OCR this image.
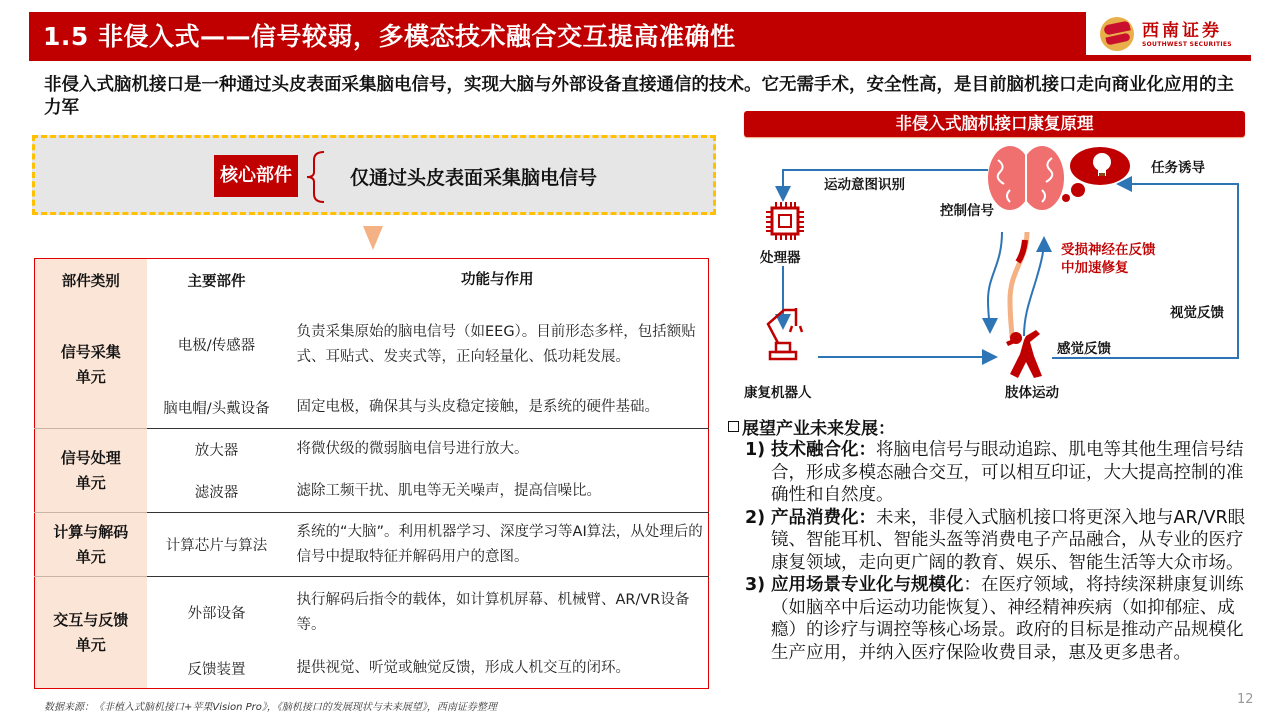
1.5 非侵入式——信号较弱，多模态技术融合交互提高准确性	西南证券
SOUTHWEST SECURITIES
非侵入式脑机接口是一种通过头皮表面采集脑电信号，实现大脑与外部设备直接通信的技术。它无需手术，安全性高，是目前脑机接口走向商业化应用的主力军
核心部件	仅通过头皮表面采集脑电信号
部件类别	主要部件	功能与作用

信号采集
单元	电极/传感器	负责采集原始的脑电信号（如EEG）。目前形态多样，包括额贴式、耳贴式、发夹式等，正向轻量化、低功耗发展。
	脑电帽/头戴设备	固定电极，确保其与头皮稳定接触，是系统的硬件基础。

信号处理
单元	放大器	将微伏级的微弱脑电信号进行放大。
	滤波器	滤除工频干扰、肌电等无关噪声，提高信噪比。

计算与解码
单元	计算芯片与算法	系统的“大脑”。利用机器学习、深度学习等AI算法，从处理后的信号中提取特征并解码用户的意图。

交互与反馈
单元	外部设备	执行解码后指令的载体，如计算机屏幕、机械臂、AR/VR设备等。
	反馈装置	提供视觉、听觉或触觉反馈，形成人机交互的闭环。
数据来源：《非植入式脑机接口+苹果Vision Pro》，《脑机接口的发展现状与未来展望》，西南证券整理
12
非侵入式脑机接口康复原理
运动意图识别
控制信号
处理器
任务诱导
受损神经在反馈
中加速修复
视觉反馈
感觉反馈
康复机器人	肢体运动
展望产业未来发展：
1) 技术融合化：将脑电信号与眼动追踪、肌电等其他生理信号结合，形成多模态融合交互，可以相互印证，大大提高控制的准确性和自然度。
2) 产品消费化：未来，非侵入式脑机接口将更深入地与AR/VR眼镜、智能耳机、智能头盔等消费电子产品融合，从专业的医疗康复领域，走向更广阔的教育、娱乐、智能生活等大众市场。
3) 应用场景专业化与规模化：在医疗领域，将持续深耕康复训练（如脑卒中后运动功能恢复）、神经精神疾病（如抑郁症、成瘾）的诊疗与调控等核心场景。政府的目标是推动产品规模化生产应用，并纳入医疗保险收费目录，惠及更多患者。
